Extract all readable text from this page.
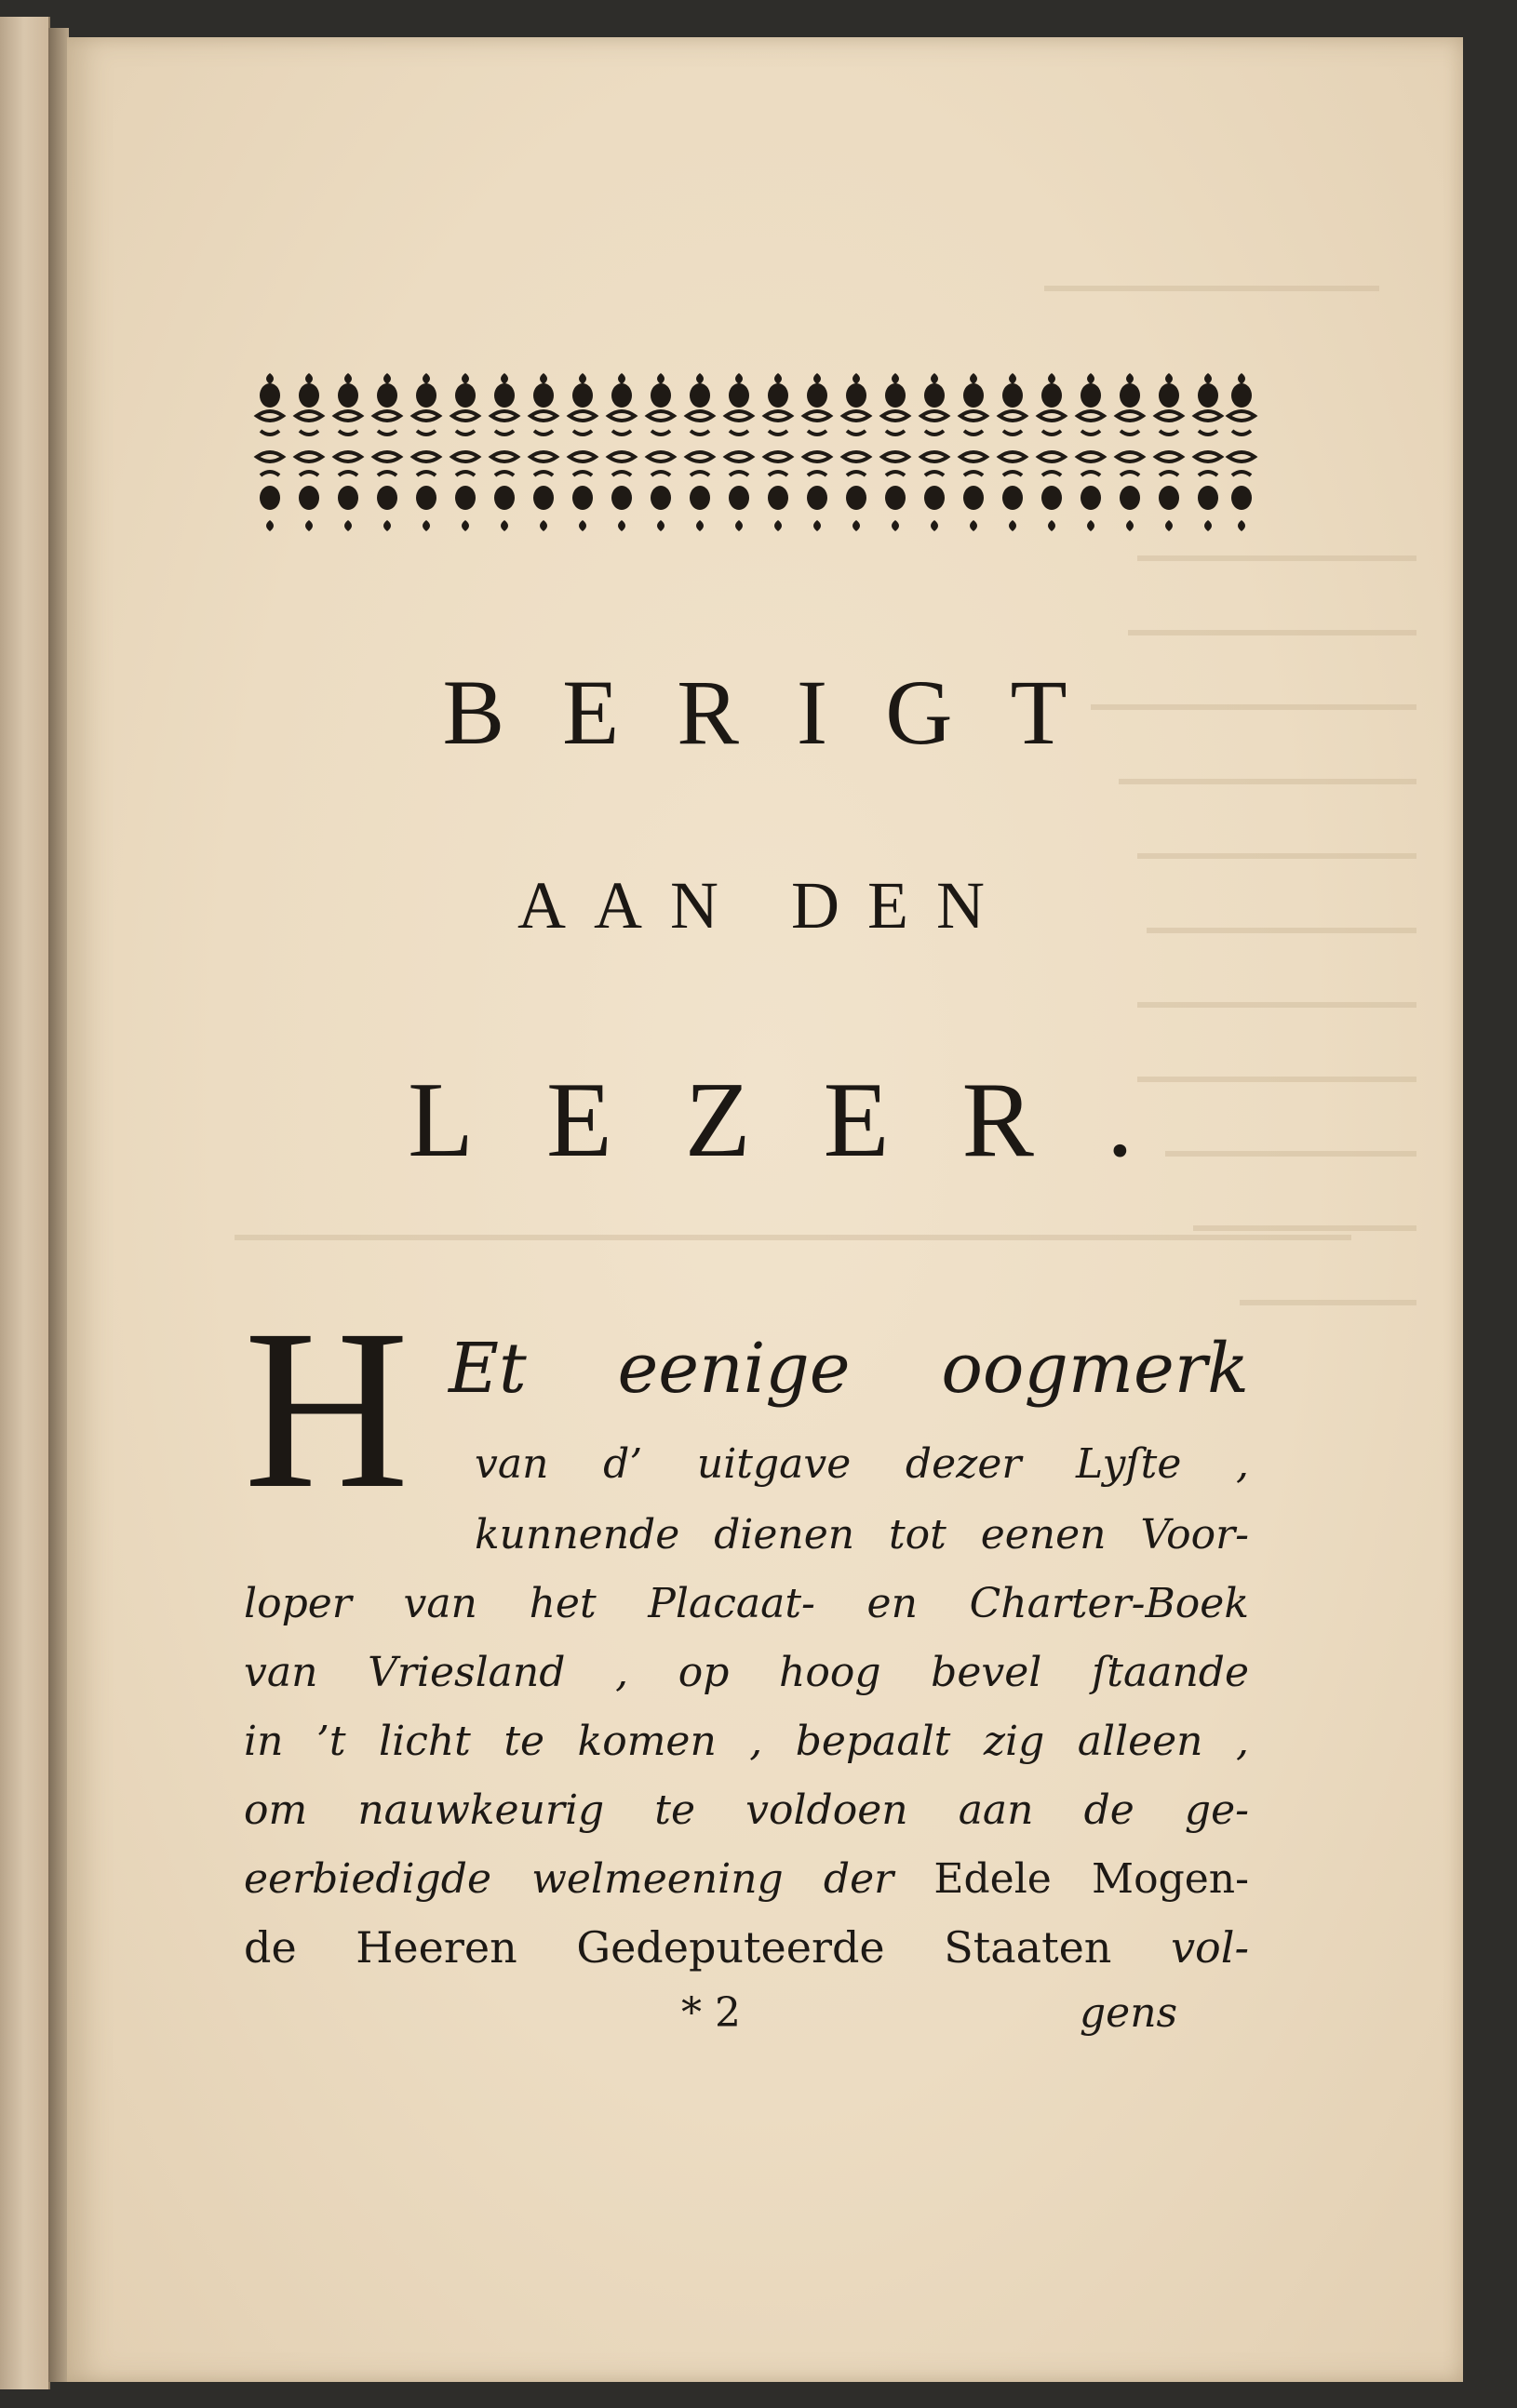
BERIGT
AAN DEN
LEZER.
H Et eenige oogmerk
van d’ uitgave dezer Lyſte ,
kunnende dienen tot eenen Voor-
loper van het Placaat- en Charter-Boek
van Vriesland , op hoog bevel ſtaande
in ’t licht te komen , bepaalt zig alleen ,
om nauwkeurig te voldoen aan de ge-
eerbiedigde welmeening der Edele Mogen-
de Heeren Gedeputeerde Staaten vol-
* 2	gens
